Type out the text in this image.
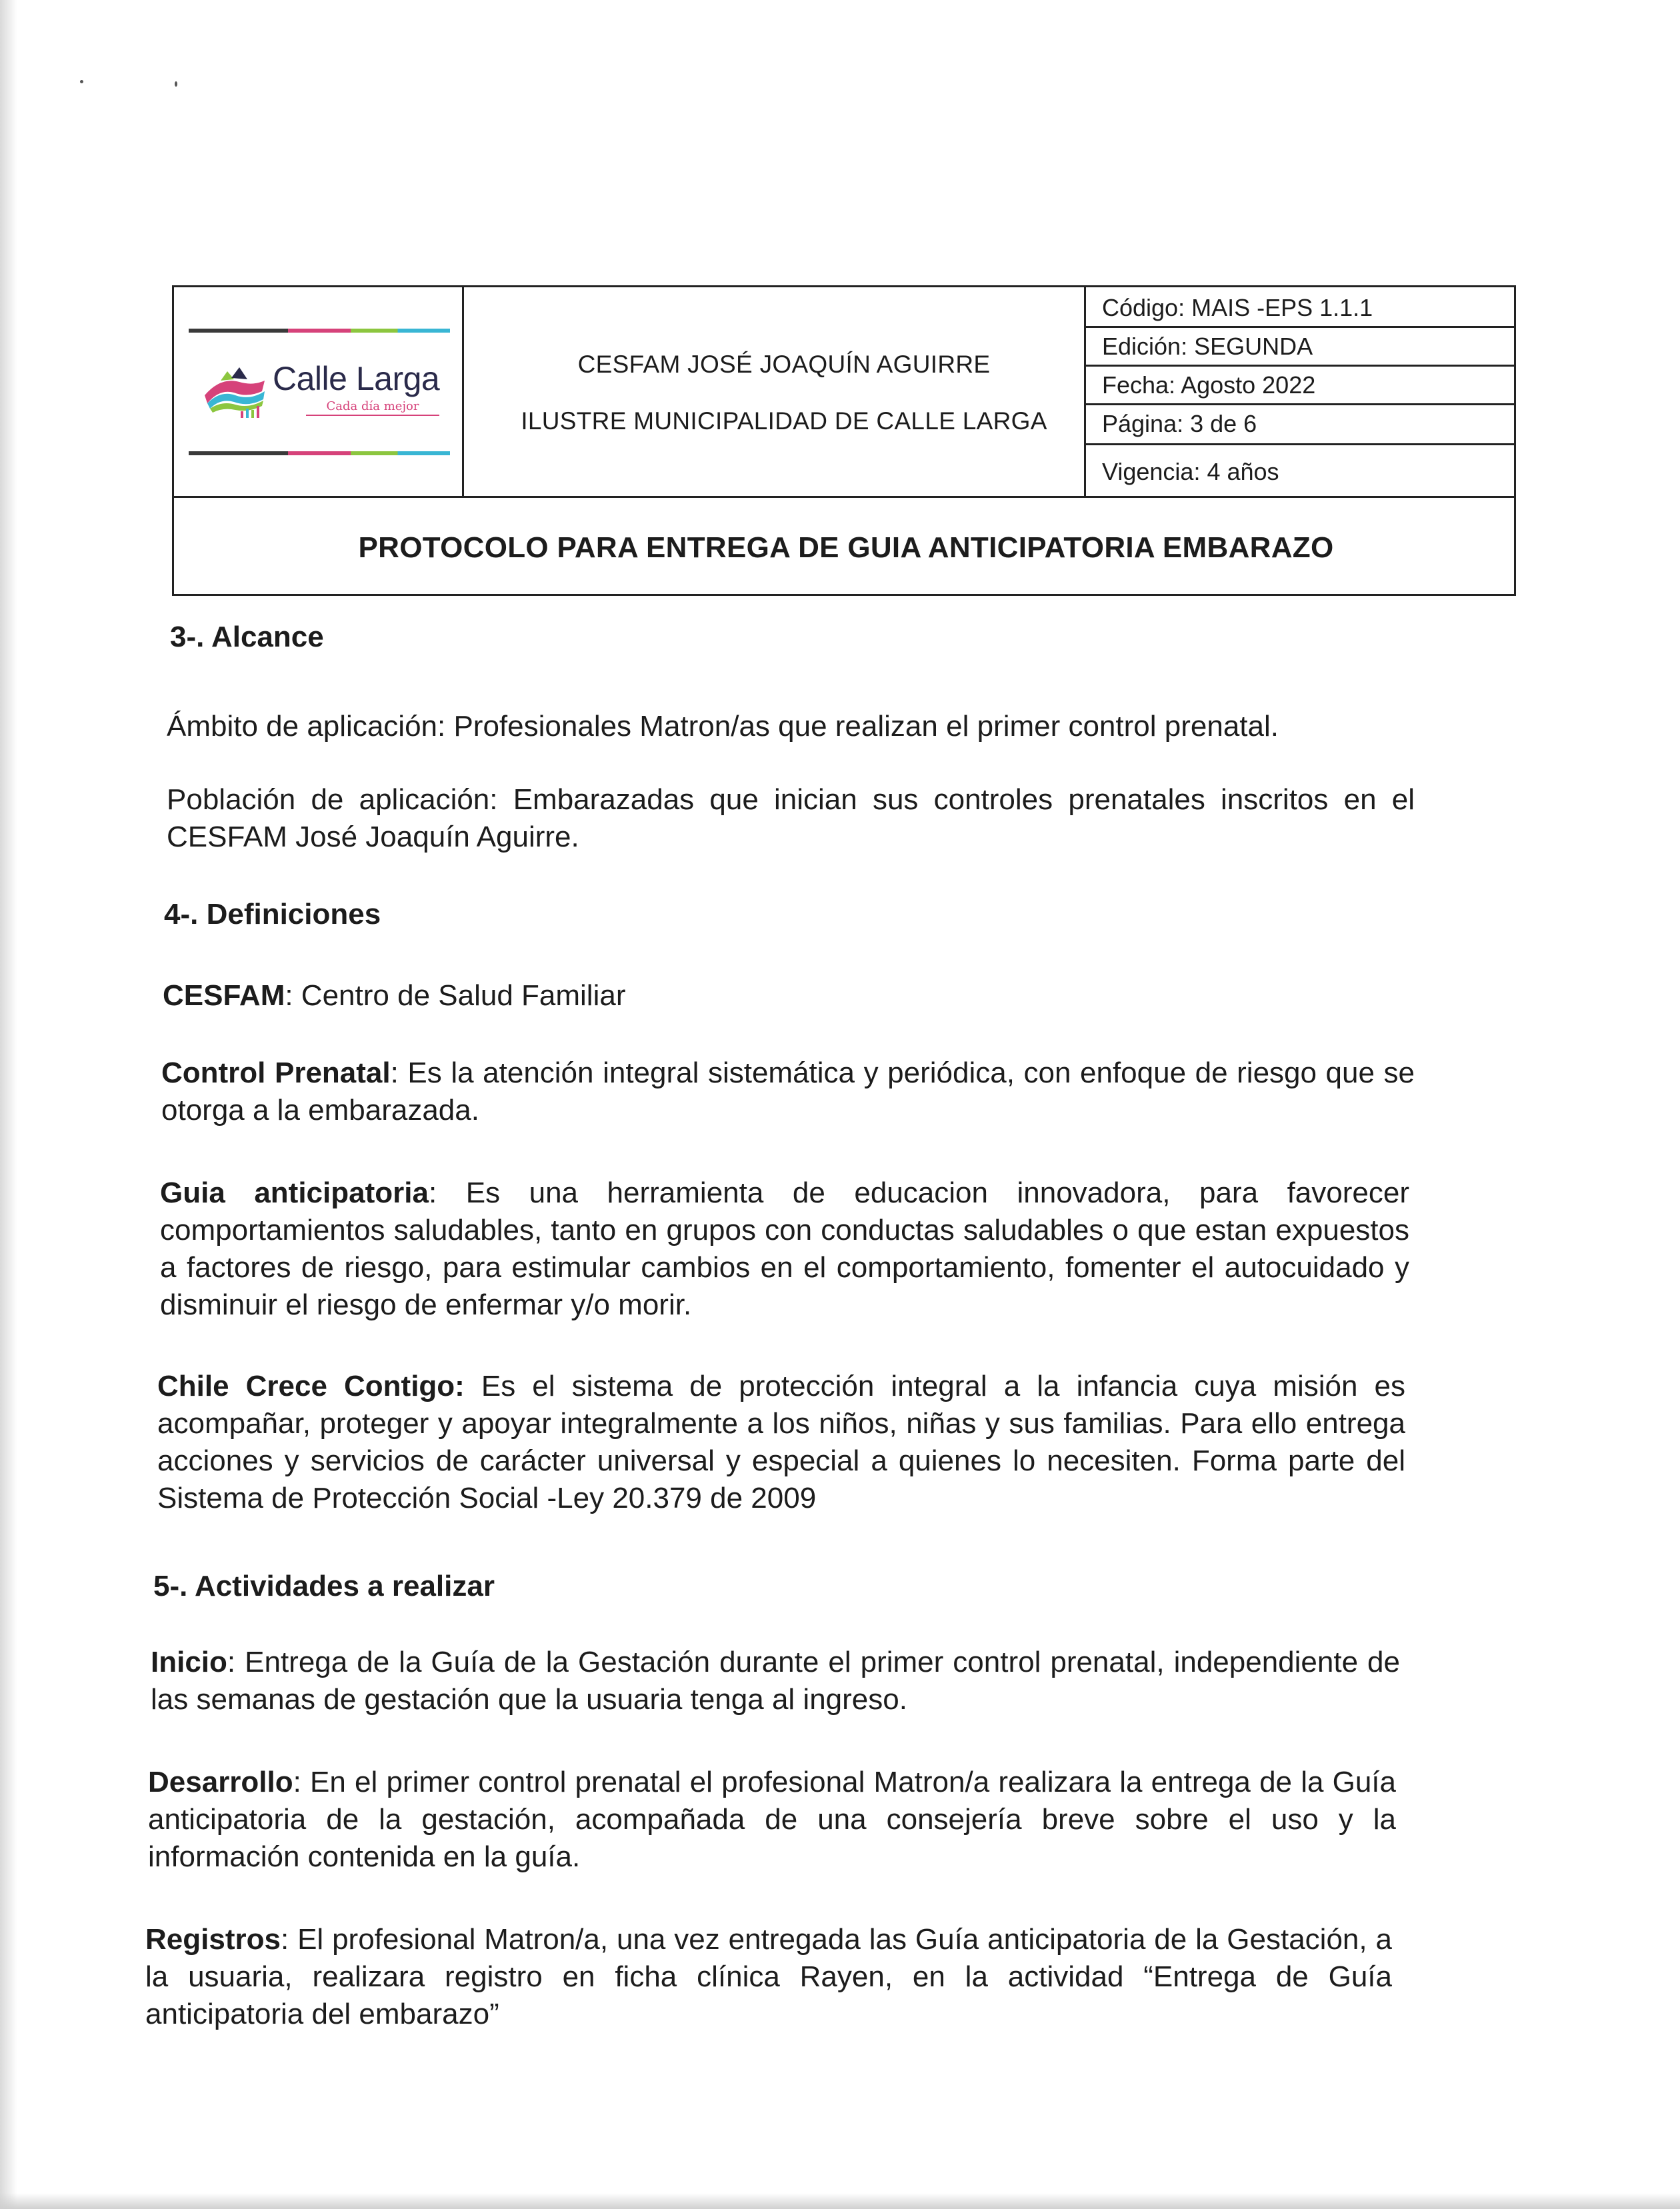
Calle Larga
Cada día mejor
CESFAM JOSÉ JOAQUÍN AGUIRRE
ILUSTRE MUNICIPALIDAD DE CALLE LARGA
Código: MAIS -EPS 1.1.1
Edición: SEGUNDA
Fecha: Agosto 2022
Página: 3 de 6
Vigencia: 4 años
PROTOCOLO PARA ENTREGA DE GUIA ANTICIPATORIA EMBARAZO
3-. Alcance
Ámbito de aplicación: Profesionales Matron/as que realizan el primer control prenatal.
Población de aplicación: Embarazadas que inician sus controles prenatales inscritos en el CESFAM José Joaquín Aguirre.
4-. Definiciones
CESFAM: Centro de Salud Familiar
Control Prenatal: Es la atención integral sistemática y periódica, con enfoque de riesgo que se otorga a la embarazada.
Guia anticipatoria: Es una herramienta de educacion innovadora, para favorecer comportamientos saludables, tanto en grupos con conductas saludables o que estan expuestos a factores de riesgo, para estimular cambios en el comportamiento, fomenter el autocuidado y disminuir el riesgo de enfermar y/o morir.
Chile Crece Contigo: Es el sistema de protección integral a la infancia cuya misión es acompañar, proteger y apoyar integralmente a los niños, niñas y sus familias. Para ello entrega acciones y servicios de carácter universal y especial a quienes lo necesiten. Forma parte del Sistema de Protección Social -Ley 20.379 de 2009
5-. Actividades a realizar
Inicio: Entrega de la Guía de la Gestación durante el primer control prenatal, independiente de las semanas de gestación que la usuaria tenga al ingreso.
Desarrollo: En el primer control prenatal el profesional Matron/a realizara la entrega de la Guía anticipatoria de la gestación, acompañada de una consejería breve sobre el uso y la información contenida en la guía.
Registros: El profesional Matron/a, una vez entregada las Guía anticipatoria de la Gestación, a la usuaria, realizara registro en ficha clínica Rayen, en la actividad “Entrega de Guía anticipatoria del embarazo”
